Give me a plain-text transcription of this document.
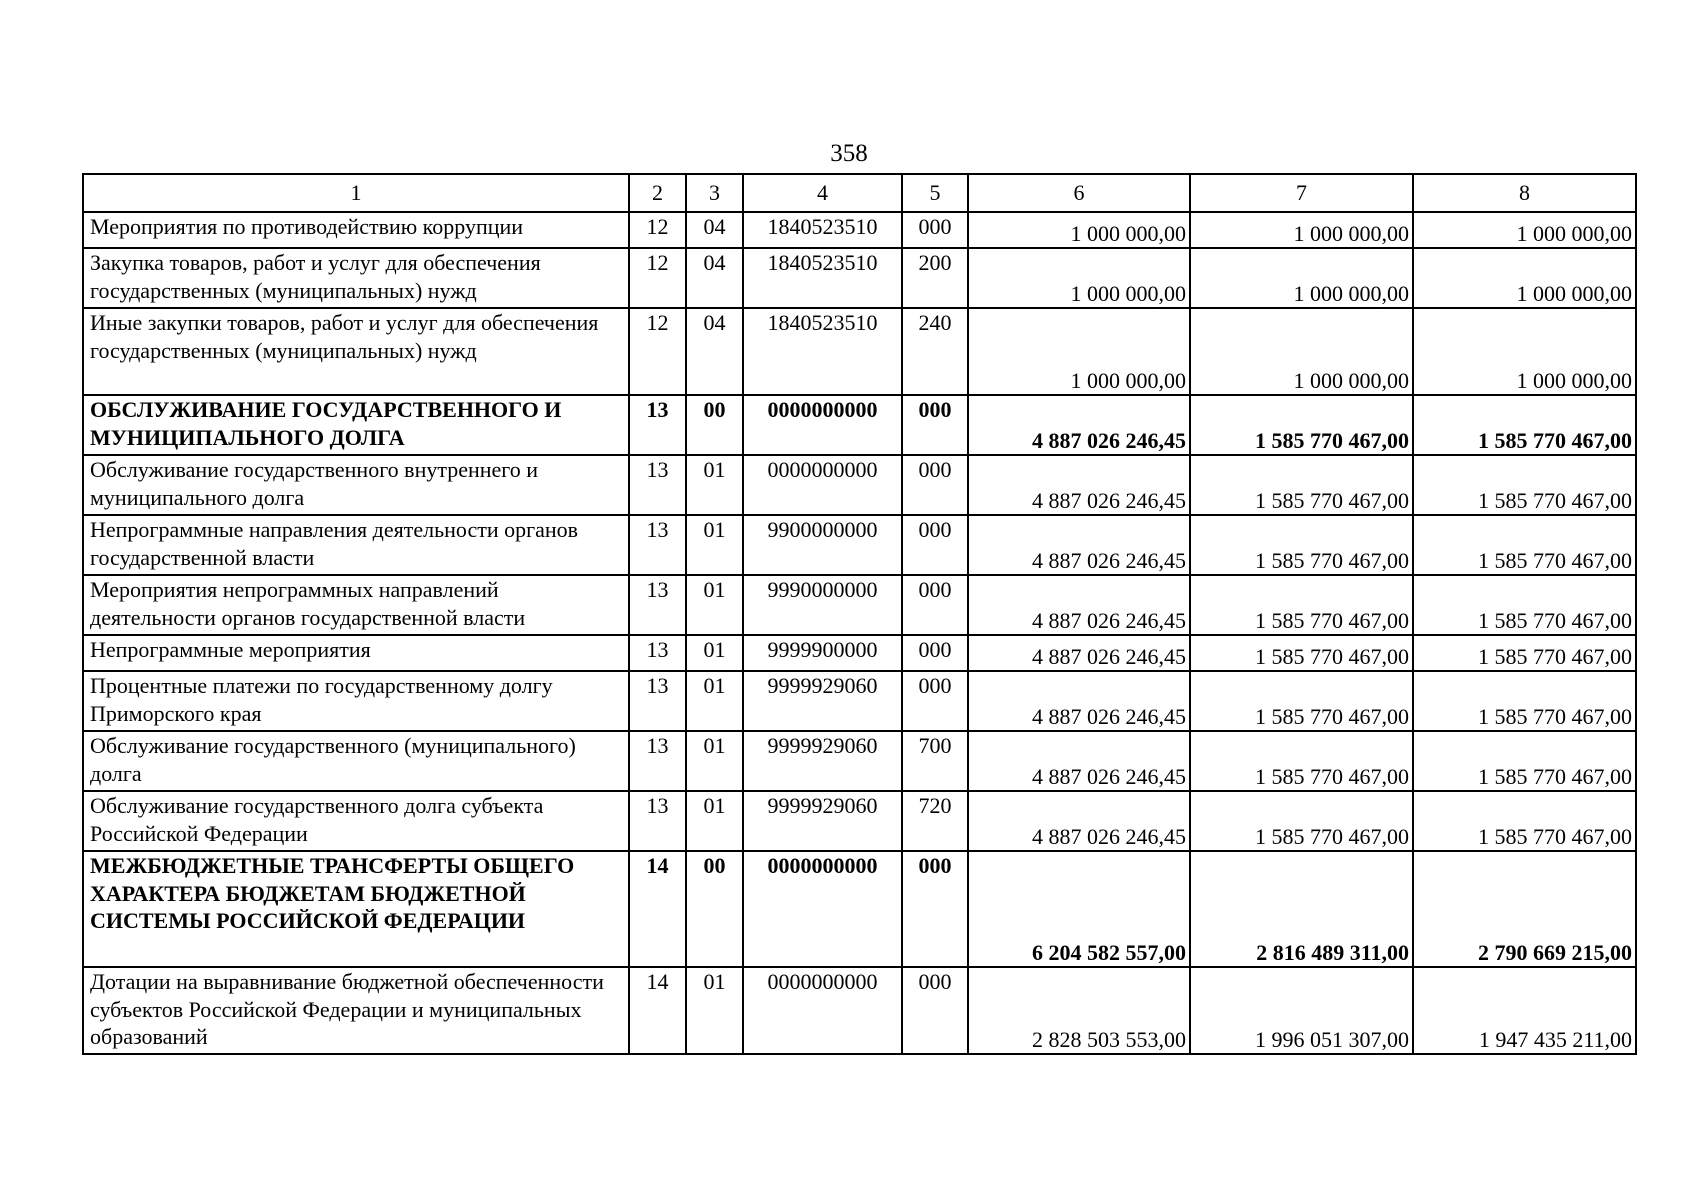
358
1	2	3	4	5	6	7	8
Мероприятия по противодействию коррупции	12	04	1840523510	000	1 000 000,00	1 000 000,00	1 000 000,00
Закупка товаров, работ и услуг для обеспечения государственных (муниципальных) нужд	12	04	1840523510	200	1 000 000,00	1 000 000,00	1 000 000,00
Иные закупки товаров, работ и услуг для обеспечения государственных (муниципальных) нужд	12	04	1840523510	240	1 000 000,00	1 000 000,00	1 000 000,00
ОБСЛУЖИВАНИЕ ГОСУДАРСТВЕННОГО И МУНИЦИПАЛЬНОГО ДОЛГА	13	00	0000000000	000	4 887 026 246,45	1 585 770 467,00	1 585 770 467,00
Обслуживание государственного внутреннего и муниципального долга	13	01	0000000000	000	4 887 026 246,45	1 585 770 467,00	1 585 770 467,00
Непрограммные направления деятельности органов государственной власти	13	01	9900000000	000	4 887 026 246,45	1 585 770 467,00	1 585 770 467,00
Мероприятия непрограммных направлений деятельности органов государственной власти	13	01	9990000000	000	4 887 026 246,45	1 585 770 467,00	1 585 770 467,00
Непрограммные мероприятия	13	01	9999900000	000	4 887 026 246,45	1 585 770 467,00	1 585 770 467,00
Процентные платежи по государственному долгу Приморского края	13	01	9999929060	000	4 887 026 246,45	1 585 770 467,00	1 585 770 467,00
Обслуживание государственного (муниципального) долга	13	01	9999929060	700	4 887 026 246,45	1 585 770 467,00	1 585 770 467,00
Обслуживание государственного долга субъекта Российской Федерации	13	01	9999929060	720	4 887 026 246,45	1 585 770 467,00	1 585 770 467,00
МЕЖБЮДЖЕТНЫЕ ТРАНСФЕРТЫ ОБЩЕГО ХАРАКТЕРА БЮДЖЕТАМ БЮДЖЕТНОЙ СИСТЕМЫ РОССИЙСКОЙ ФЕДЕРАЦИИ	14	00	0000000000	000	6 204 582 557,00	2 816 489 311,00	2 790 669 215,00
Дотации на выравнивание бюджетной обеспеченности субъектов Российской Федерации и муниципальных образований	14	01	0000000000	000	2 828 503 553,00	1 996 051 307,00	1 947 435 211,00
